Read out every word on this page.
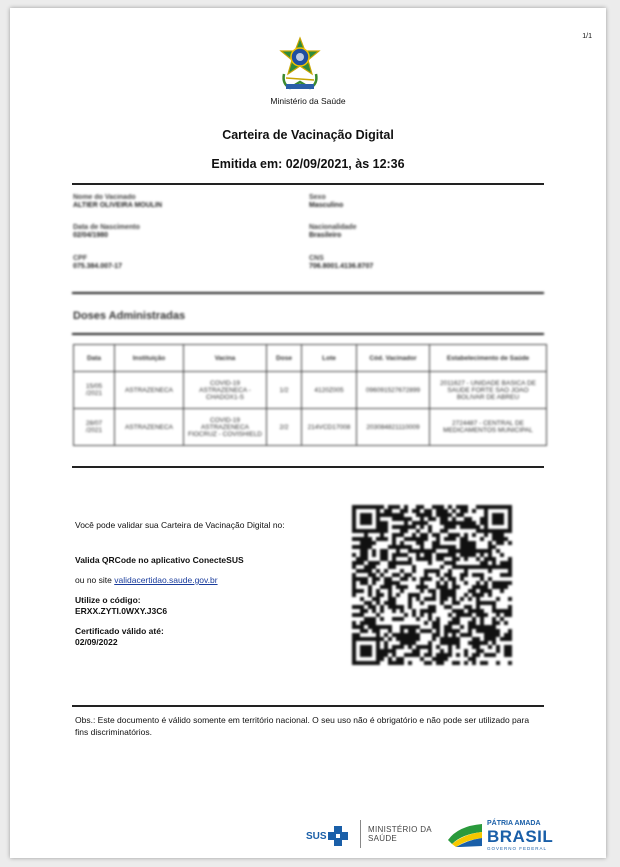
1/1
Ministério da Saúde
Carteira de Vacinação Digital
Emitida em: 02/09/2021, às 12:36
Nome do Vacinado
ALTIER OLIVEIRA MOULIN
Sexo
Masculino
Data de Nascimento
02/04/1980
Nacionalidade
Brasileiro
CPF
075.384.007-17
CNS
706.8001.4136.8707
Doses Administradas
Data	Instituição	Vacina	Dose	Lote	Cód. Vacinador	Estabelecimento de Saúde
15/05 /2021	ASTRAZENECA	COVID-19 ASTRAZENECA - CHADOX1-S	1/2	4120Z005	096091527672899	2011627 - UNIDADE BASICA DE SAUDE FORTE SAO JOAO BOLIVAR DE ABREU
28/07 /2021	ASTRAZENECA	COVID-19 ASTRAZENECA FIOCRUZ - COVISHIELD	2/2	214VCD17008	203084821110009	2724487 - CENTRAL DE MEDICAMENTOS MUNICIPAL
Você pode validar sua Carteira de Vacinação Digital no:
Valida QRCode no aplicativo ConecteSUS
ou no site validacertidao.saude.gov.br
Utilize o código:
ERXX.ZYTI.0WXY.J3C6
Certificado válido até:
02/09/2022
Obs.: Este documento é válido somente em território nacional. O seu uso não é obrigatório e não pode ser utilizado para fins discriminatórios.
SUS
MINISTÉRIO DA
SAÚDE
PÁTRIA AMADA
BRASIL
GOVERNO FEDERAL
